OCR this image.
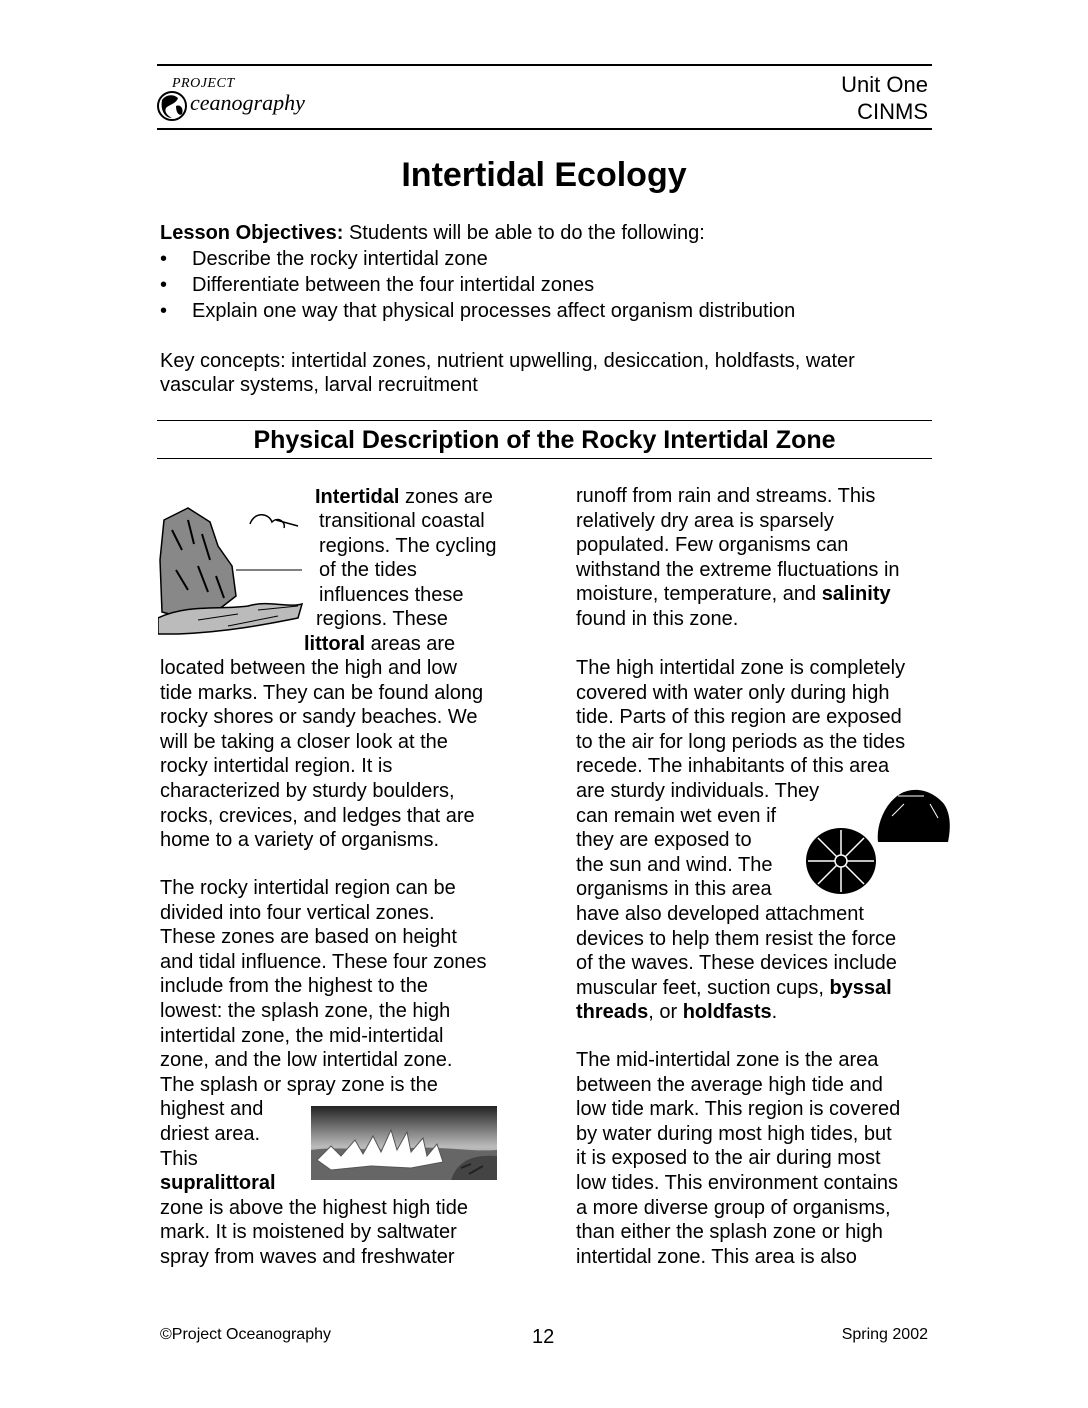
PROJECT
ceanography
Unit One
CINMS
Intertidal Ecology
Lesson Objectives: Students will be able to do the following:
• Describe the rocky intertidal zone
• Differentiate between the four intertidal zones
• Explain one way that physical processes affect organism distribution
Key concepts: intertidal zones, nutrient upwelling, desiccation, holdfasts, water
vascular systems, larval recruitment
Physical Description of the Rocky Intertidal Zone
Intertidal zones are
transitional coastal
regions. The cycling
of the tides
influences these
regions. These
littoral areas are
located between the high and low
tide marks. They can be found along
rocky shores or sandy beaches. We
will be taking a closer look at the
rocky intertidal region. It is
characterized by sturdy boulders,
rocks, crevices, and ledges that are
home to a variety of organisms.
The rocky intertidal region can be
divided into four vertical zones.
These zones are based on height
and tidal influence. These four zones
include from the highest to the
lowest: the splash zone, the high
intertidal zone, the mid-intertidal
zone, and the low intertidal zone.
The splash or spray zone is the
highest and
driest area.
This
supralittoral
zone is above the highest high tide
mark. It is moistened by saltwater
spray from waves and freshwater
runoff from rain and streams. This
relatively dry area is sparsely
populated. Few organisms can
withstand the extreme fluctuations in
moisture, temperature, and salinity
found in this zone.
The high intertidal zone is completely
covered with water only during high
tide. Parts of this region are exposed
to the air for long periods as the tides
recede. The inhabitants of this area
are sturdy individuals. They
can remain wet even if
they are exposed to
the sun and wind. The
organisms in this area
have also developed attachment
devices to help them resist the force
of the waves. These devices include
muscular feet, suction cups, byssal
threads, or holdfasts.
The mid-intertidal zone is the area
between the average high tide and
low tide mark. This region is covered
by water during most high tides, but
it is exposed to the air during most
low tides. This environment contains
a more diverse group of organisms,
than either the splash zone or high
intertidal zone. This area is also
©Project Oceanography	12	Spring 2002
